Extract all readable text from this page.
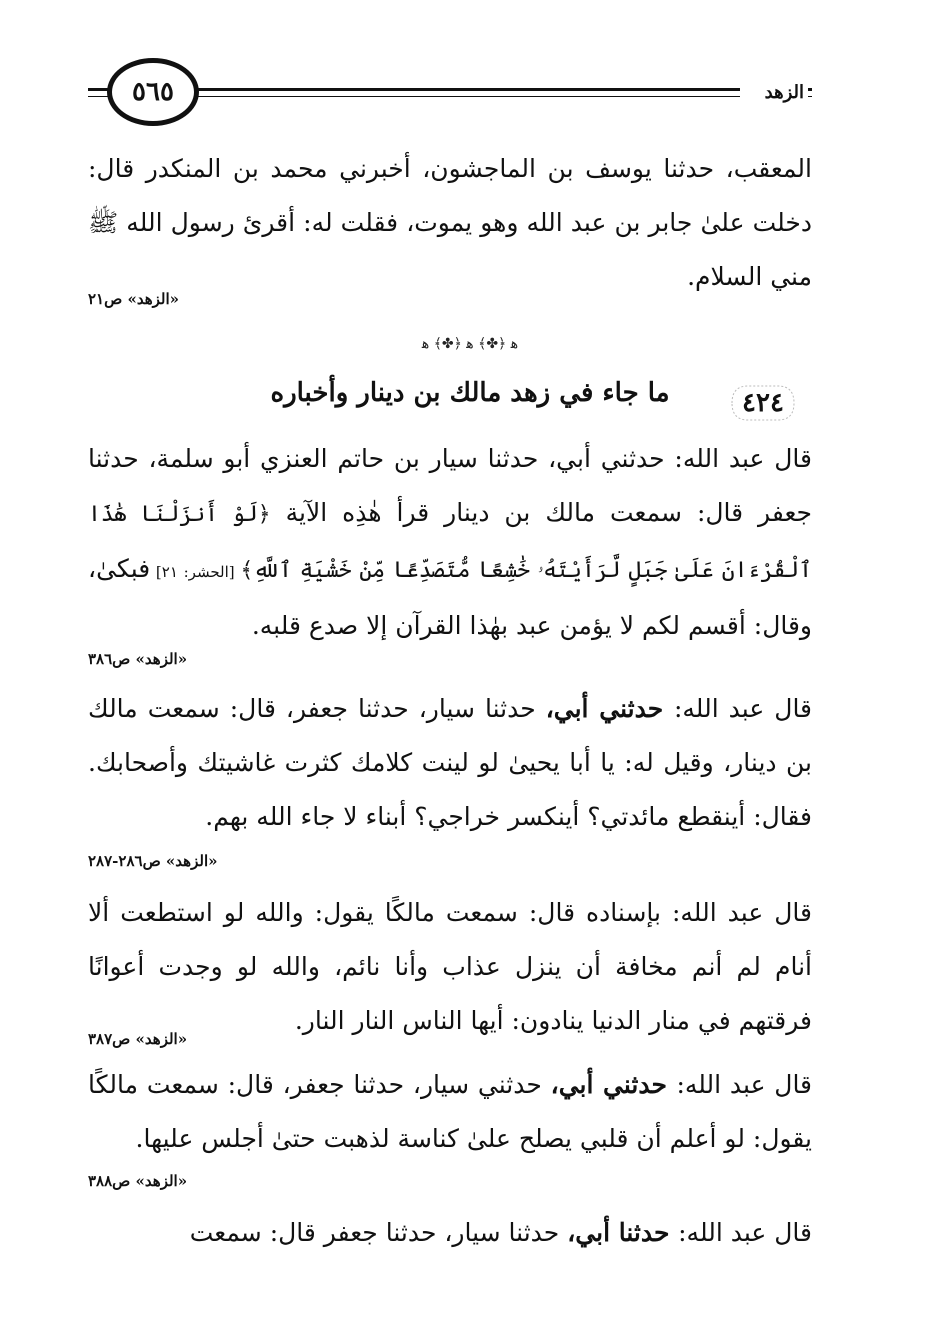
٥٦٥	الزهد
المعقب، حدثنا يوسف بن الماجشون، أخبرني محمد بن المنكدر قال: دخلت علىٰ جابر بن عبد الله وهو يموت، فقلت له: أقرئ رسول الله ﷺ مني السلام.
«الزهد» ص٢١
ﻫ ﴿✤﴾ ﻫ ﴿✤﴾ ﻫ
٤٢٤
ما جاء في زهد مالك بن دينار وأخباره
قال عبد الله: حدثني أبي، حدثنا سيار بن حاتم العنزي أبو سلمة، حدثنا جعفر قال: سمعت مالك بن دينار قرأ هٰذِه الآية ﴿لَوْ أَنزَلْنَا هَٰذَا ٱلْقُرْءَانَ عَلَىٰ جَبَلٍ لَّرَأَيْتَهُۥ خَٰشِعًا مُّتَصَدِّعًا مِّنْ خَشْيَةِ ٱللَّهِ﴾ [الحشر: ٢١] فبكىٰ، وقال: أقسم لكم لا يؤمن عبد بهٰذا القرآن إلا صدع قلبه.
«الزهد» ص٣٨٦
قال عبد الله: حدثني أبي، حدثنا سيار، حدثنا جعفر، قال: سمعت مالك بن دينار، وقيل له: يا أبا يحيىٰ لو لينت كلامك كثرت غاشيتك وأصحابك. فقال: أينقطع مائدتي؟ أينكسر خراجي؟ أبناء لا جاء الله بهم.
«الزهد» ص٢٨٦-٢٨٧
قال عبد الله: بإسناده قال: سمعت مالكًا يقول: والله لو استطعت ألا أنام لم أنم مخافة أن ينزل عذاب وأنا نائم، والله لو وجدت أعوانًا فرقتهم في منار الدنيا ينادون: أيها الناس النار النار.
«الزهد» ص٣٨٧
قال عبد الله: حدثني أبي، حدثني سيار، حدثنا جعفر، قال: سمعت مالكًا يقول: لو أعلم أن قلبي يصلح علىٰ كناسة لذهبت حتىٰ أجلس عليها.
«الزهد» ص٣٨٨
قال عبد الله: حدثنا أبي، حدثنا سيار، حدثنا جعفر قال: سمعت
